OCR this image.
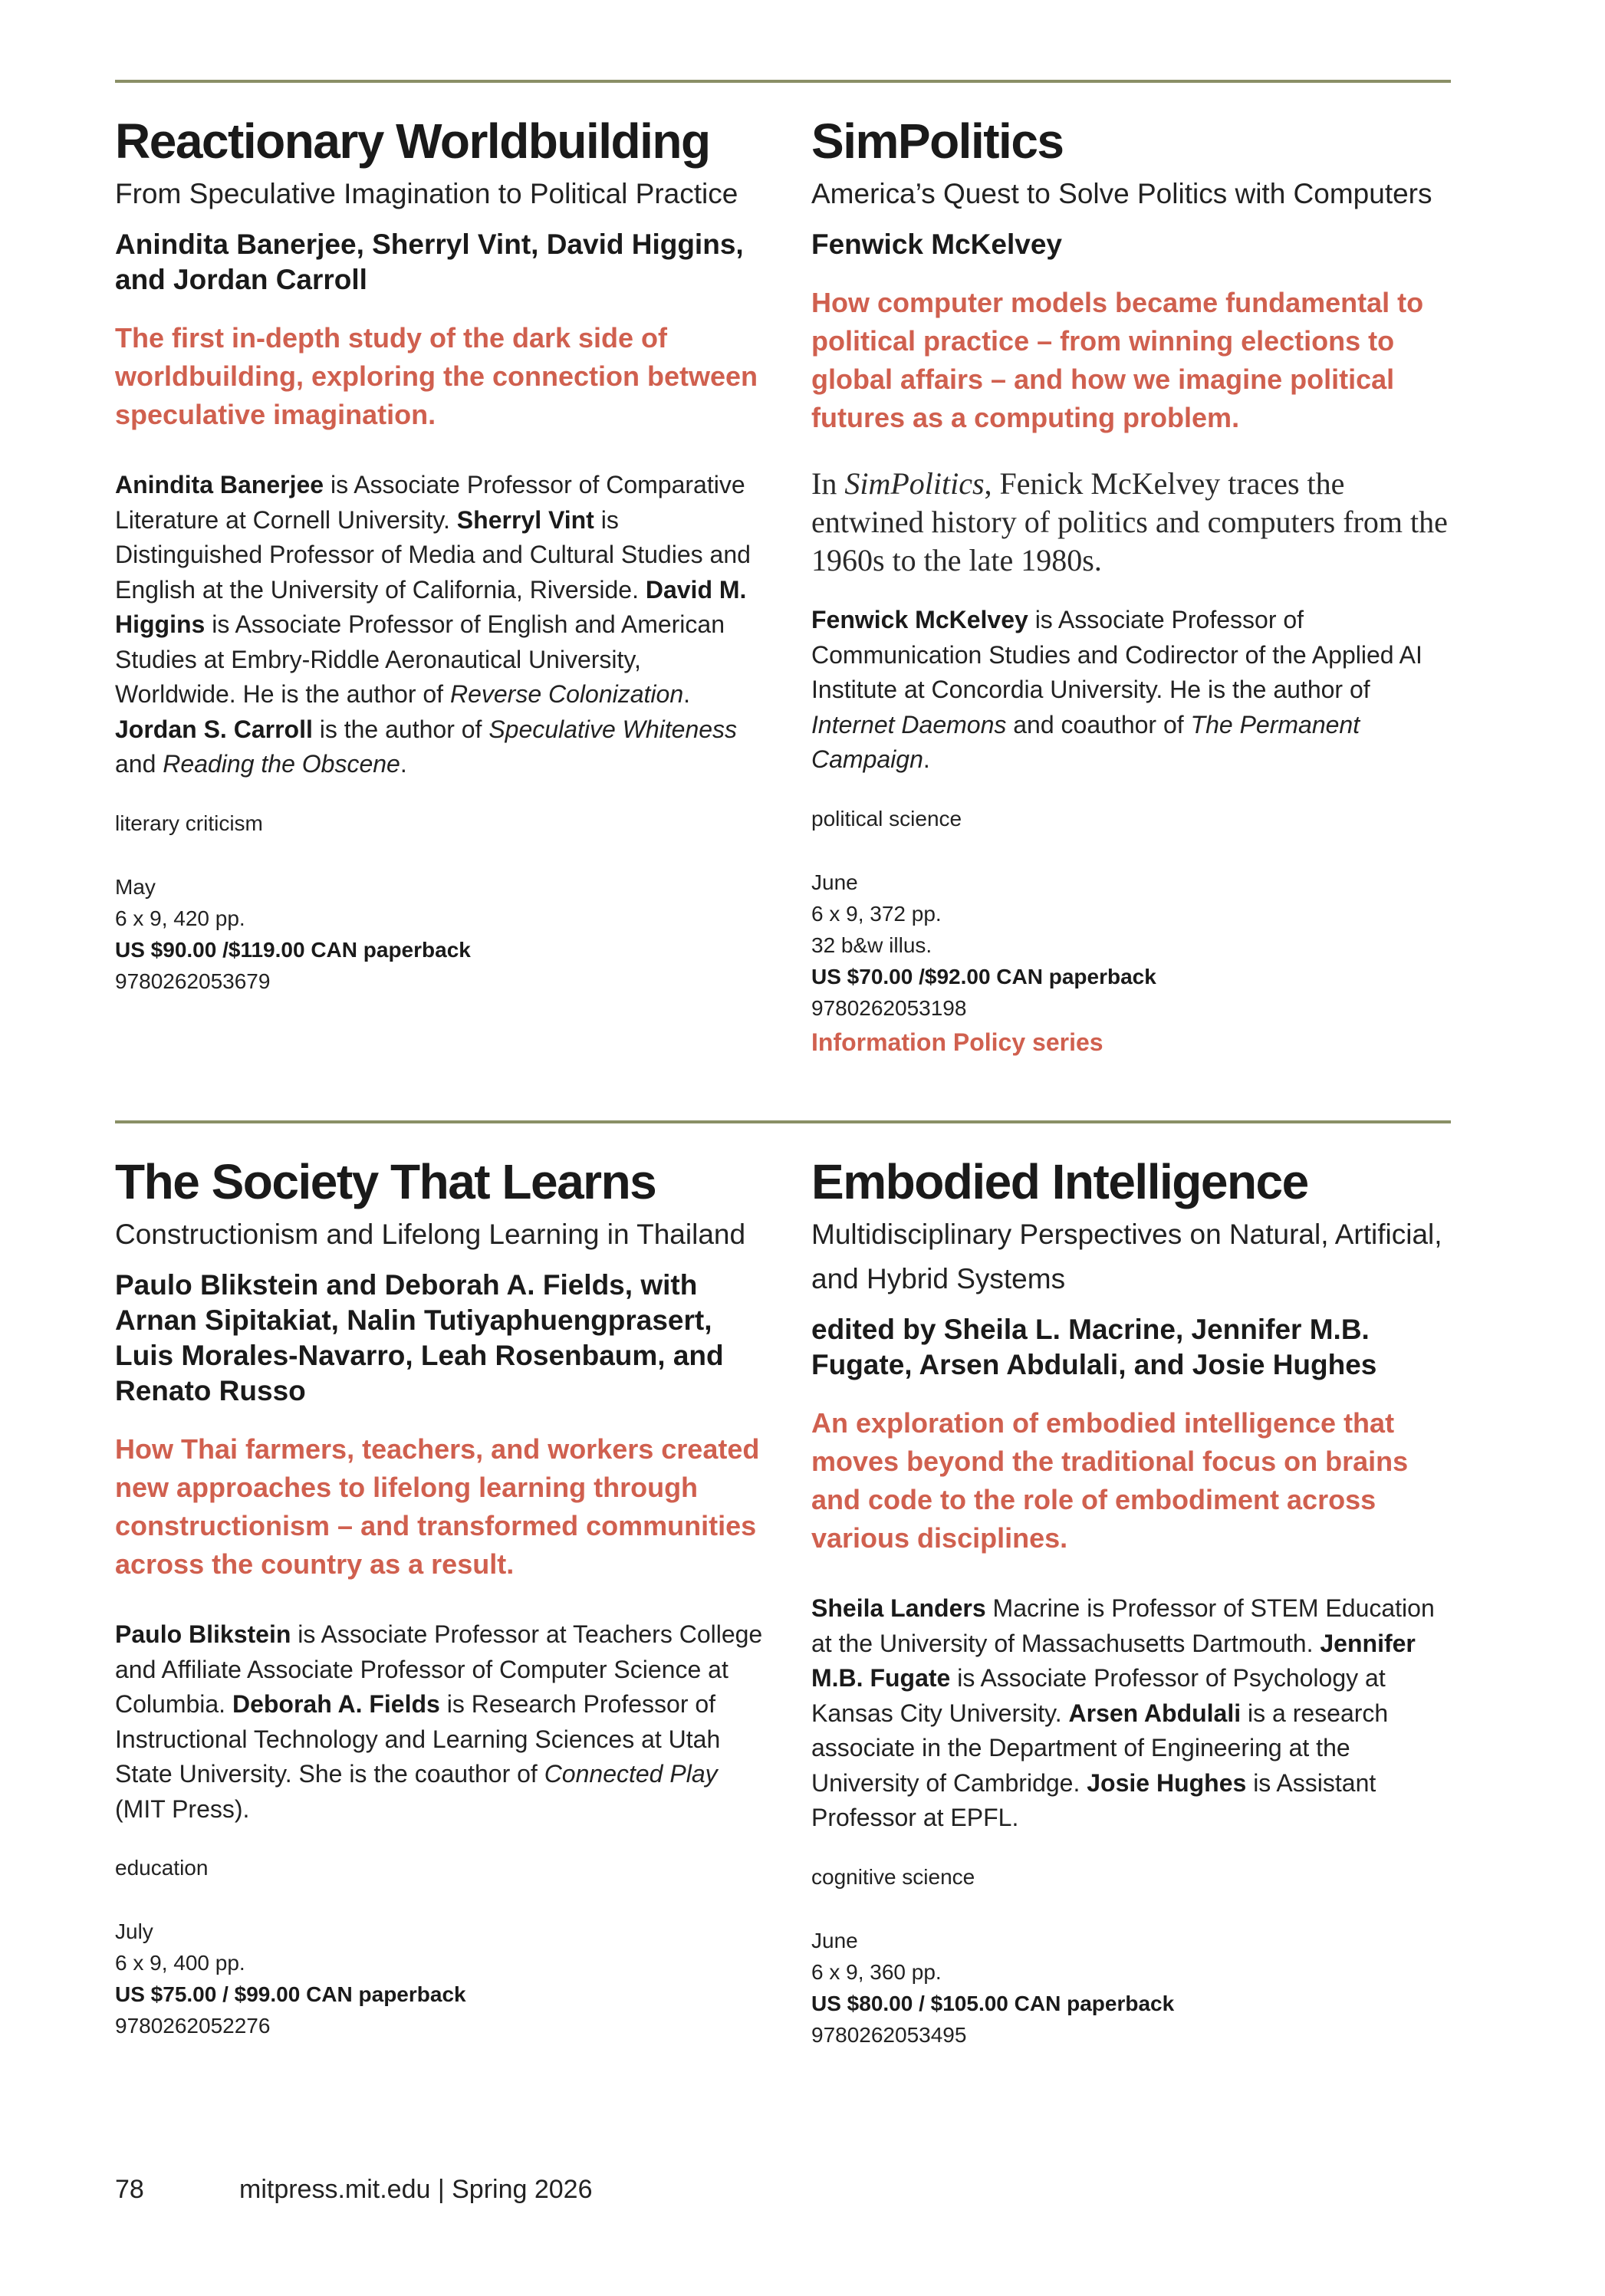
Reactionary Worldbuilding
From Speculative Imagination to Political Practice
Anindita Banerjee, Sherryl Vint, David Higgins, and Jordan Carroll
The first in-depth study of the dark side of worldbuilding, exploring the connection between speculative imagination.
Anindita Banerjee is Associate Professor of Comparative Literature at Cornell University. Sherryl Vint is Distinguished Professor of Media and Cultural Studies and English at the University of California, Riverside. David M. Higgins is Associate Professor of English and American Studies at Embry-Riddle Aeronautical University, Worldwide. He is the author of Reverse Colonization. Jordan S. Carroll is the author of Speculative Whiteness and Reading the Obscene.
literary criticism
May
6 x 9, 420 pp.
US $90.00 /$119.00 CAN paperback
9780262053679
SimPolitics
America’s Quest to Solve Politics with Computers
Fenwick McKelvey
How computer models became fundamental to political practice – from winning elections to global affairs – and how we imagine political futures as a computing problem.
In SimPolitics, Fenick McKelvey traces the entwined history of politics and computers from the 1960s to the late 1980s.
Fenwick McKelvey is Associate Professor of Communication Studies and Codirector of the Applied AI Institute at Concordia University. He is the author of Internet Daemons and coauthor of The Permanent Campaign.
political science
June
6 x 9, 372 pp.
32 b&w illus.
US $70.00 /$92.00 CAN paperback
9780262053198
Information Policy series
The Society That Learns
Constructionism and Lifelong Learning in Thailand
Paulo Blikstein and Deborah A. Fields, with Arnan Sipitakiat, Nalin Tutiyaphuengprasert, Luis Morales-Navarro, Leah Rosenbaum, and Renato Russo
How Thai farmers, teachers, and workers created new approaches to lifelong learning through constructionism – and transformed communities across the country as a result.
Paulo Blikstein is Associate Professor at Teachers College and Affiliate Associate Professor of Computer Science at Columbia. Deborah A. Fields is Research Professor of Instructional Technology and Learning Sciences at Utah State University. She is the coauthor of Connected Play (MIT Press).
education
July
6 x 9, 400 pp.
US $75.00 / $99.00 CAN paperback
9780262052276
Embodied Intelligence
Multidisciplinary Perspectives on Natural, Artificial, and Hybrid Systems
edited by Sheila L. Macrine, Jennifer M.B. Fugate, Arsen Abdulali, and Josie Hughes
An exploration of embodied intelligence that moves beyond the traditional focus on brains and code to the role of embodiment across various disciplines.
Sheila Landers Macrine is Professor of STEM Education at the University of Massachusetts Dartmouth. Jennifer M.B. Fugate is Associate Professor of Psychology at Kansas City University. Arsen Abdulali is a research associate in the Department of Engineering at the University of Cambridge. Josie Hughes is Assistant Professor at EPFL.
cognitive science
June
6 x 9, 360 pp.
US $80.00 / $105.00 CAN paperback
9780262053495
78	mitpress.mit.edu | Spring 2026
